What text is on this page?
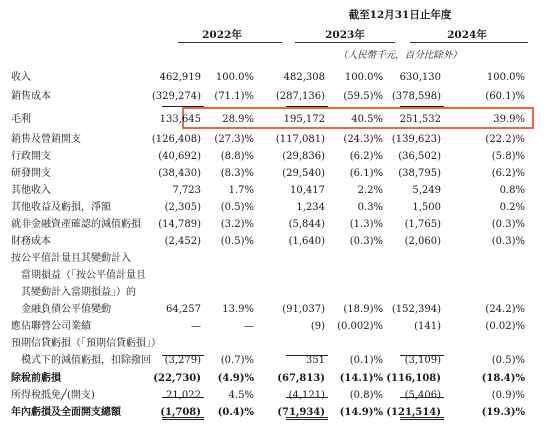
截至12月31日止年度
2022年	2023年	2024年
（人民幣千元，百分比除外）
收入	462,919 100.0%	482,308 100.0% 630,130	100.0%
銷售成本	(329,274) (71.1)% (287,136) (59.5)% (378,598)	(60.1)%
毛利	133,645 28.9%	195,172	40.5% 251,532	39.9%
銷售及營銷開支	(126,408) (27.3)% (117,081) (24.3)% (139,623)	(22.2)%
行政開支	(40,692) (8.8)%	(29,836) (6.2)% (36,502)	(5.8)%
研發開支	(38,430) (8.3)%	(29,540) (6.1)% (38,795)	(6.2)%
其他收入	7,723	1.7%	10,417	2.2%	5,249	0.8%
其他收益及虧損，淨額	(2,305) (0.5)%	1,234	0.3%	1,500	0.2%
就非金融資產確認的減值虧損 (14,789) (3.2)%	(5,844) (1.3)% (1,765)	(0.3)%
財務成本	(2,452) (0.5)%	(1,640) (0.3)% (2,060)	(0.3)%
按公平值計量且其變動計入
　當期損益（「按公平值計量且
　其變動計入當期損益」）的
　金融負債公平值變動	64,257 13.9%	(91,037) (18.9)% (152,394)	(24.2)%
應佔聯營公司業績	—	—	(9) (0.002)%	(141)	(0.02)%
預期信貸虧損（「預期信貸虧損」）
　模式下的減值虧損，扣除撥回 (3,279) (0.7)%	351 (0.1)% (3,109)	(0.5)%
除稅前虧損	(22,730) (4.9)% (67,813) (14.1)% (116,108)	(18.4)%
所得稅抵免╱(開支)	21,022	4.5%	(4,121) (0.8)% (5,406)	(0.9)%
年內虧損及全面開支總額	(1,708) (0.4)% (71,934) (14.9)% (121,514)	(19.3)%
